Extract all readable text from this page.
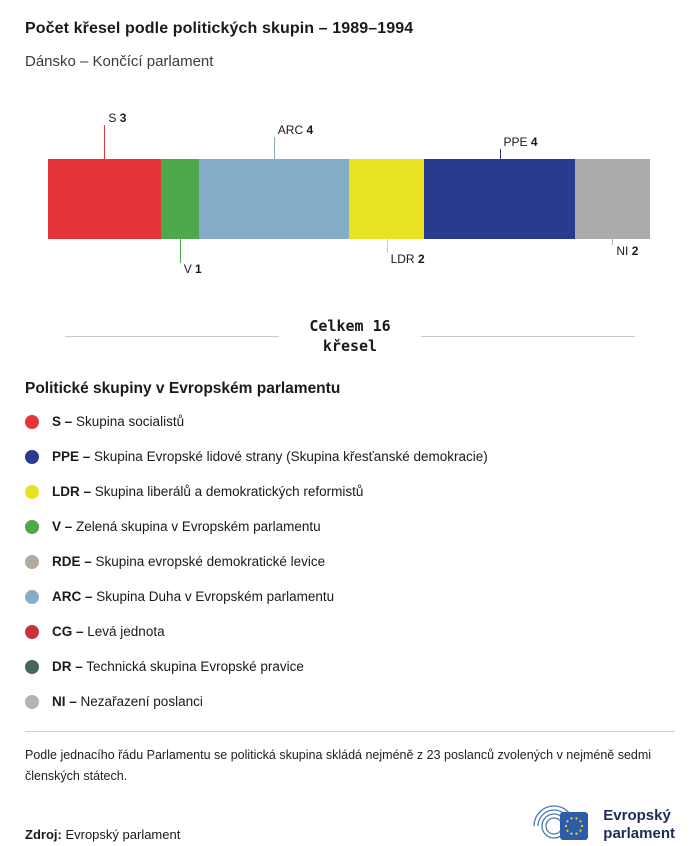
Počet křesel podle politických skupin – 1989–1994

Dánsko – Končící parlament

S 3
V 1
ARC 4
LDR 2
PPE 4
NI 2
Celkem 16
křesel
Politické skupiny v Evropském parlamentu
S – Skupina socialistů
PPE – Skupina Evropské lidové strany (Skupina křesťanské demokracie)
LDR – Skupina liberálů a demokratických reformistů
V – Zelená skupina v Evropském parlamentu
RDE – Skupina evropské demokratické levice
ARC – Skupina Duha v Evropském parlamentu
CG – Levá jednota
DR – Technická skupina Evropské pravice
NI – Nezařazení poslanci

Podle jednacího řádu Parlamentu se politická skupina skládá nejméně z 23 poslanců zvolených v nejméně sedmi členských státech.

Zdroj: Evropský parlament
Evropský
parlament
